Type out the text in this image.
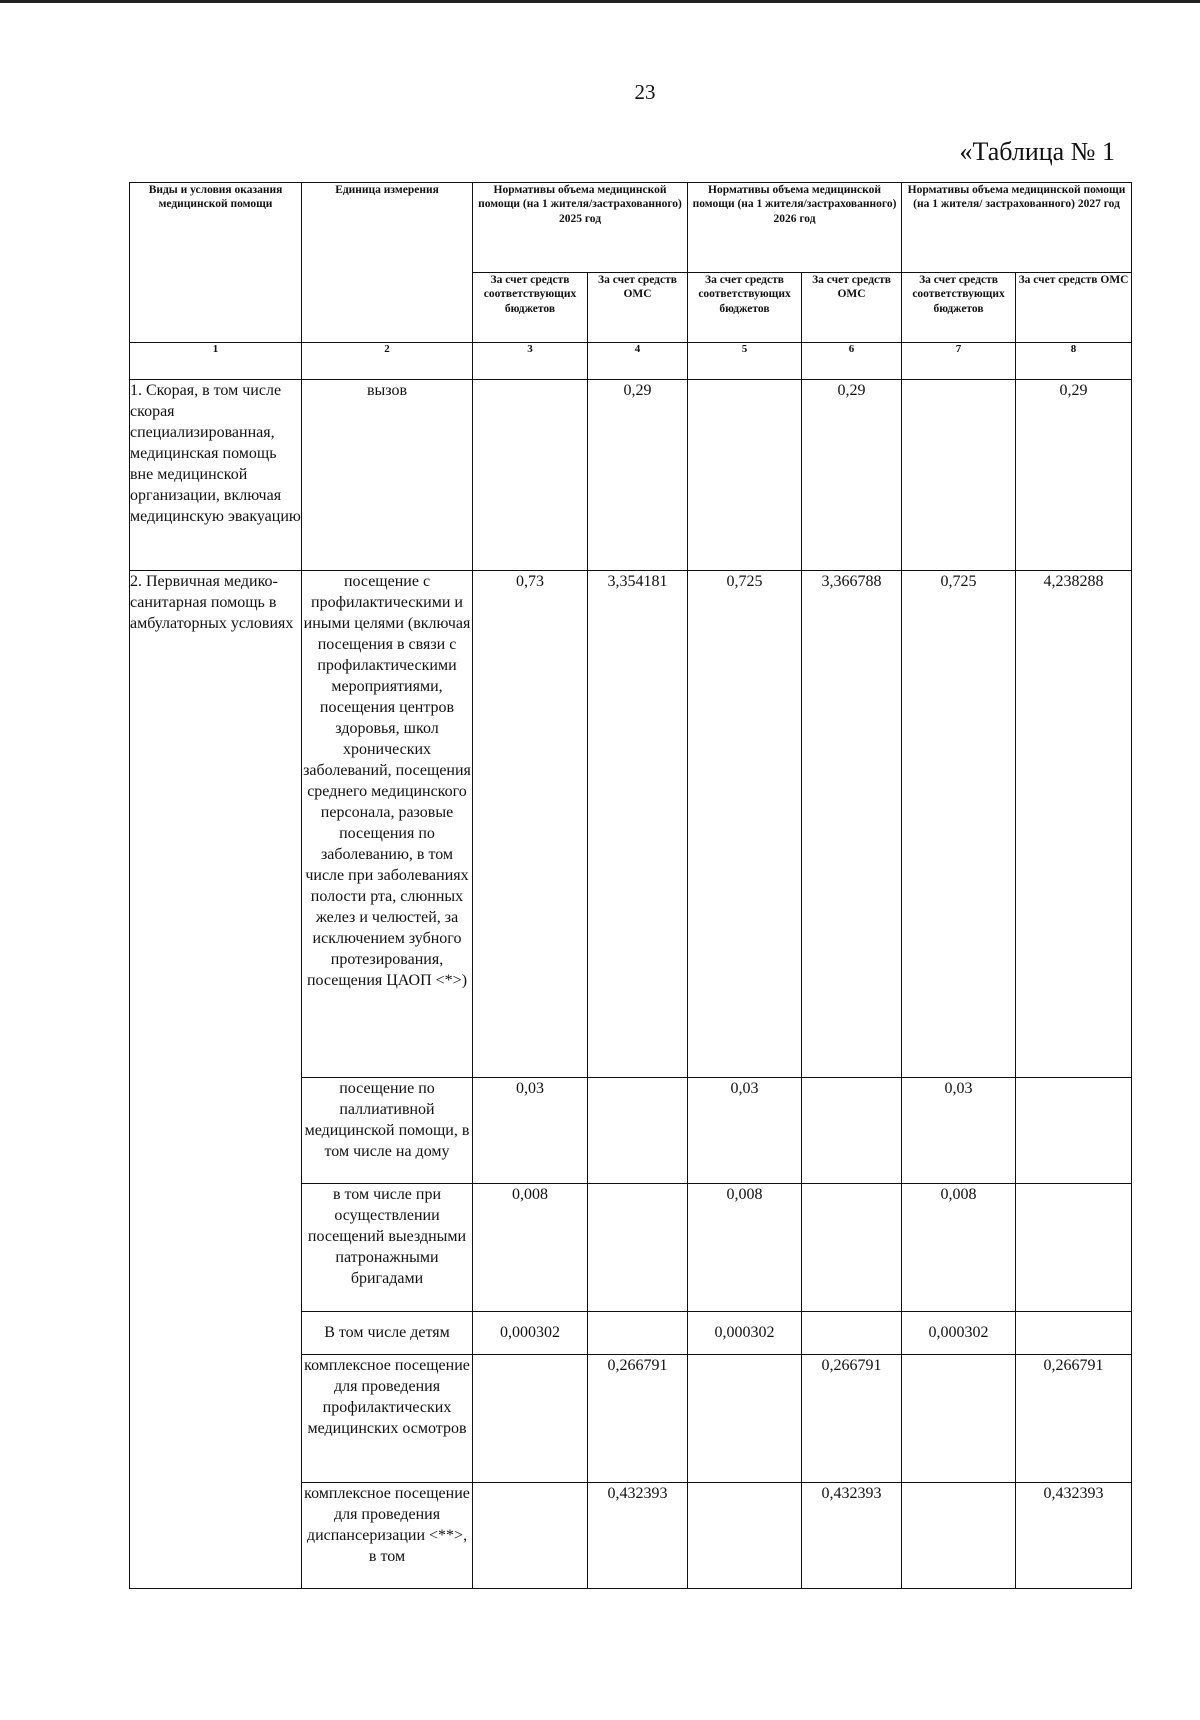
23
«Таблица № 1
Виды и условия оказания медицинской помощи	Единица измерения	Нормативы объема медицинской помощи (на 1 жителя/застрахованного) 2025 год		Нормативы объема медицинской помощи (на 1 жителя/застрахованного) 2026 год		Нормативы объема медицинской помощи (на 1 жителя/ застрахованного) 2027 год	
		За счет средств соответствующих бюджетов	За счет средств ОМС	За счет средств соответствующих бюджетов	За счет средств ОМС	За счет средств соответствующих бюджетов	За счет средств ОМС
1	2	3	4	5	6	7	8
1. Скорая, в том числе скорая специализированная, медицинская помощь вне медицинской организации, включая медицинскую эвакуацию	вызов		0,29		0,29		0,29
2. Первичная медико-санитарная помощь в амбулаторных условиях	посещение с профилактическими и иными целями (включая посещения в связи с профилактическими мероприятиями, посещения центров здоровья, школ хронических заболеваний, посещения среднего медицинского персонала, разовые посещения по заболеванию, в том числе при заболеваниях полости рта, слюнных желез и челюстей, за исключением зубного протезирования, посещения ЦАОП <*>)	0,73	3,354181	0,725	3,366788	0,725	4,238288
	посещение по паллиативной медицинской помощи, в том числе на дому	0,03		0,03		0,03	
	в том числе при осуществлении посещений выездными патронажными бригадами	0,008		0,008		0,008	
	В том числе детям	0,000302		0,000302		0,000302	
	комплексное посещение для проведения профилактических медицинских осмотров		0,266791		0,266791		0,266791
	комплексное посещение для проведения диспансеризации <**>, в том		0,432393		0,432393		0,432393
